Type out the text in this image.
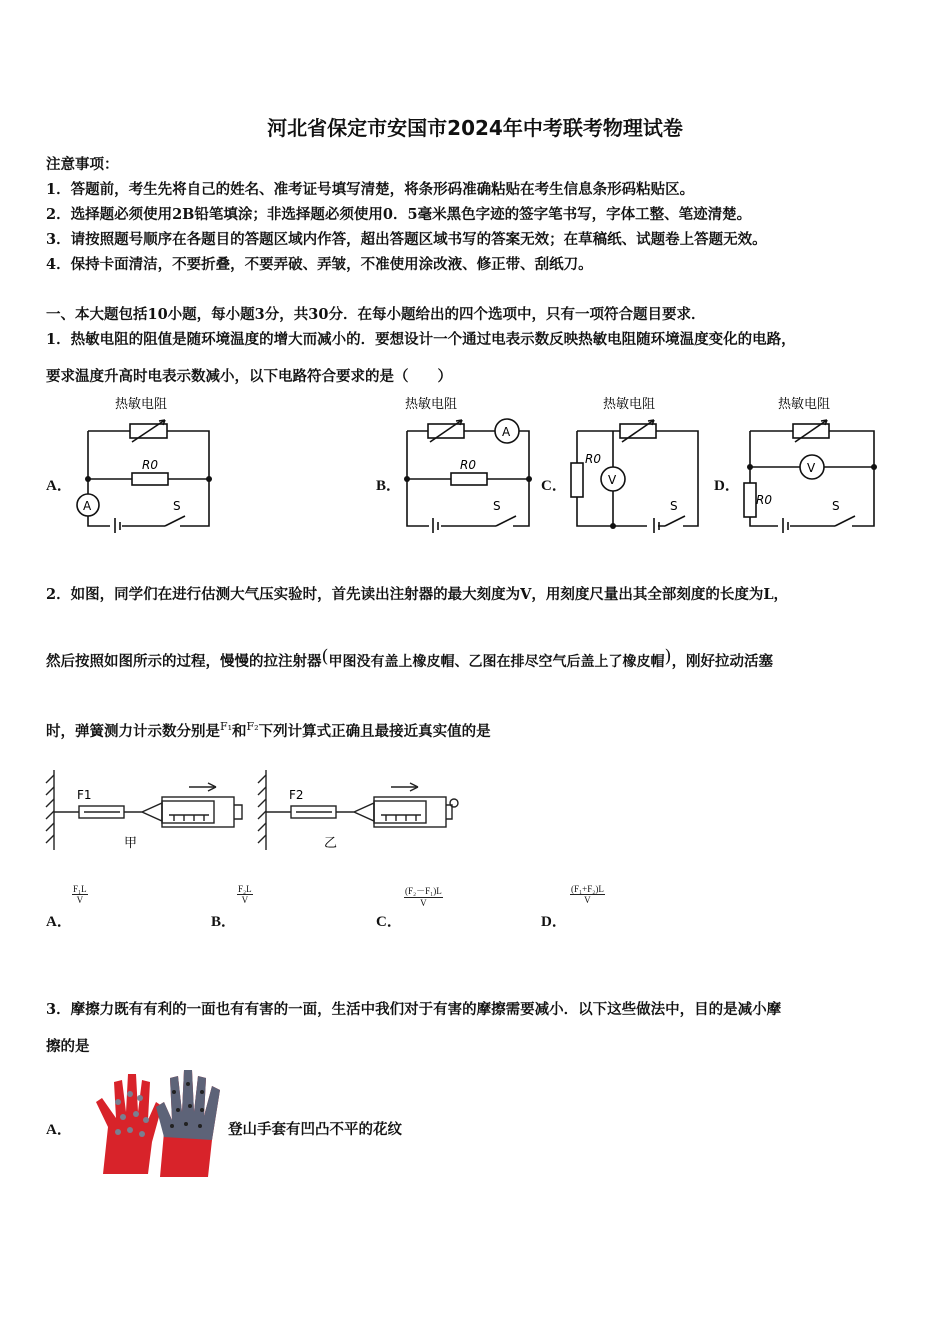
河北省保定市安国市2024年中考联考物理试卷
注意事项：
1．答题前，考生先将自己的姓名、准考证号填写清楚，将条形码准确粘贴在考生信息条形码粘贴区。
2．选择题必须使用2B铅笔填涂；非选择题必须使用0．5毫米黑色字迹的签字笔书写，字体工整、笔迹清楚。
3．请按照题号顺序在各题目的答题区域内作答，超出答题区域书写的答案无效；在草稿纸、试题卷上答题无效。
4．保持卡面清洁，不要折叠，不要弄破、弄皱，不准使用涂改液、修正带、刮纸刀。
一、本大题包括10小题，每小题3分，共30分．在每小题给出的四个选项中，只有一项符合题目要求．
1．热敏电阻的阻值是随环境温度的增大而减小的．要想设计一个通过电表示数反映热敏电阻随环境温度变化的电路，
要求温度升高时电表示数减小，以下电路符合要求的是（　　）
A．	B．	C．	D．
热敏电阻
A
R0
S
热敏电阻
A
R0
S
热敏电阻
V
R0
S
热敏电阻
V
R0	S
2．如图，同学们在进行估测大气压实验时，首先读出注射器的最大刻度为V，用刻度尺量出其全部刻度的长度为L，
然后按照如图所示的过程，慢慢的拉注射器(甲图没有盖上橡皮帽、乙图在排尽空气后盖上了橡皮帽)，刚好拉动活塞
时，弹簧测力计示数分别是$^{F_1}$和$^{F_2}$下列计算式正确且最接近真实值的是
F1	F2
甲	乙
A．
$\frac{\text{F₁L}}{V}$
B．
$\frac{\text{F₂L}}{V}$
C．
$\frac{\text{(F₂－F₁)L}}{V}$
D．
$\frac{\text{(F₁+F₂)L}}{V}$
3．摩擦力既有有利的一面也有有害的一面，生活中我们对于有害的摩擦需要减小．以下这些做法中，目的是减小摩
擦的是
A．	登山手套有凹凸不平的花纹
